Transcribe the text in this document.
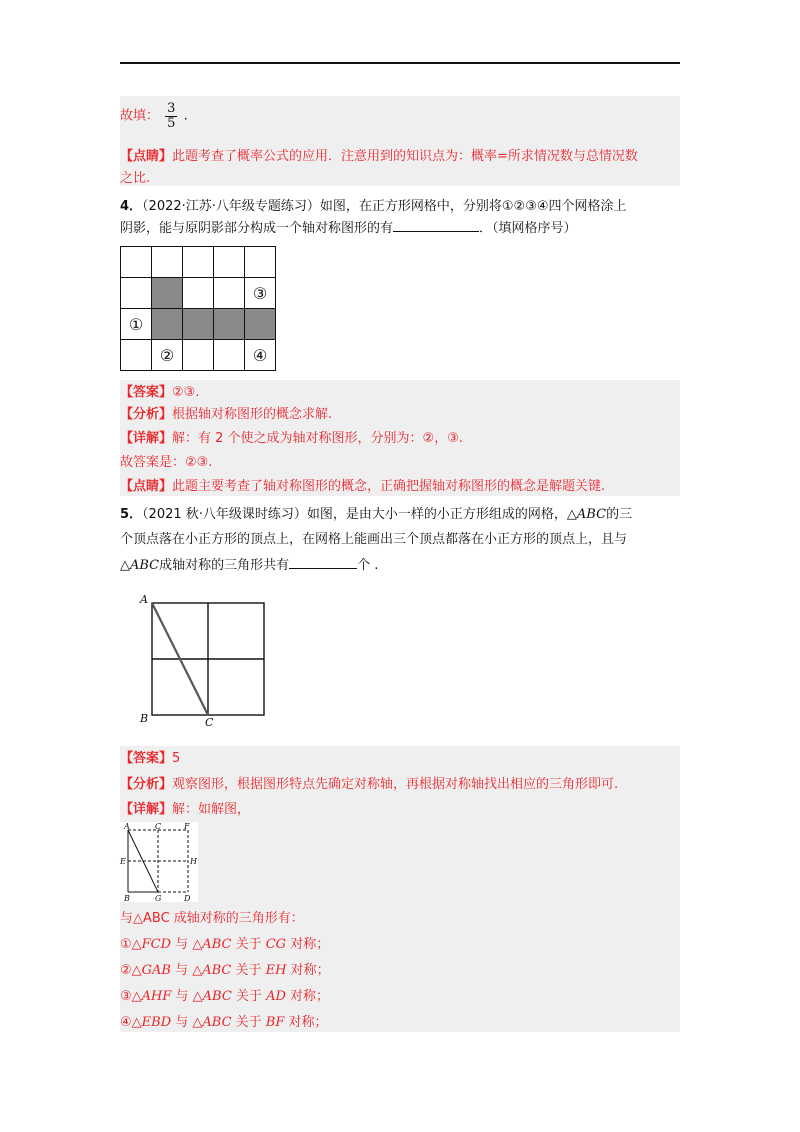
故填： $\frac{3}{5}$ .
【点睛】此题考查了概率公式的应用．注意用到的知识点为：概率=所求情况数与总情况数
之比.
4．（2022·江苏·八年级专题练习）如图，在正方形网格中，分别将①②③④四个网格涂上
阴影，能与原阴影部分构成一个轴对称图形的有	．（填网格序号）
③
①
②	④
【答案】②③.
【分析】根据轴对称图形的概念求解.
【详解】解：有 2 个使之成为轴对称图形，分别为：②，③.
故答案是：②③.
【点睛】此题主要考查了轴对称图形的概念，正确把握轴对称图形的概念是解题关键.
5．（2021 秋·八年级课时练习）如图，是由大小一样的小正方形组成的网格，△ABC的三
个顶点落在小正方形的顶点上，在网格上能画出三个顶点都落在小正方形的顶点上，且与
△ABC成轴对称的三角形共有	个 .
A
B	C
【答案】5
【分析】观察图形，根据图形特点先确定对称轴，再根据对称轴找出相应的三角形即可.
【详解】解：如解图，
A	C	F
E	H
B	G	D
与△ABC 成轴对称的三角形有：
①△FCD 与 △ABC 关于 CG 对称；
②△GAB 与 △ABC 关于 EH 对称；
③△AHF 与 △ABC 关于 AD 对称；
④△EBD 与 △ABC 关于 BF 对称；
